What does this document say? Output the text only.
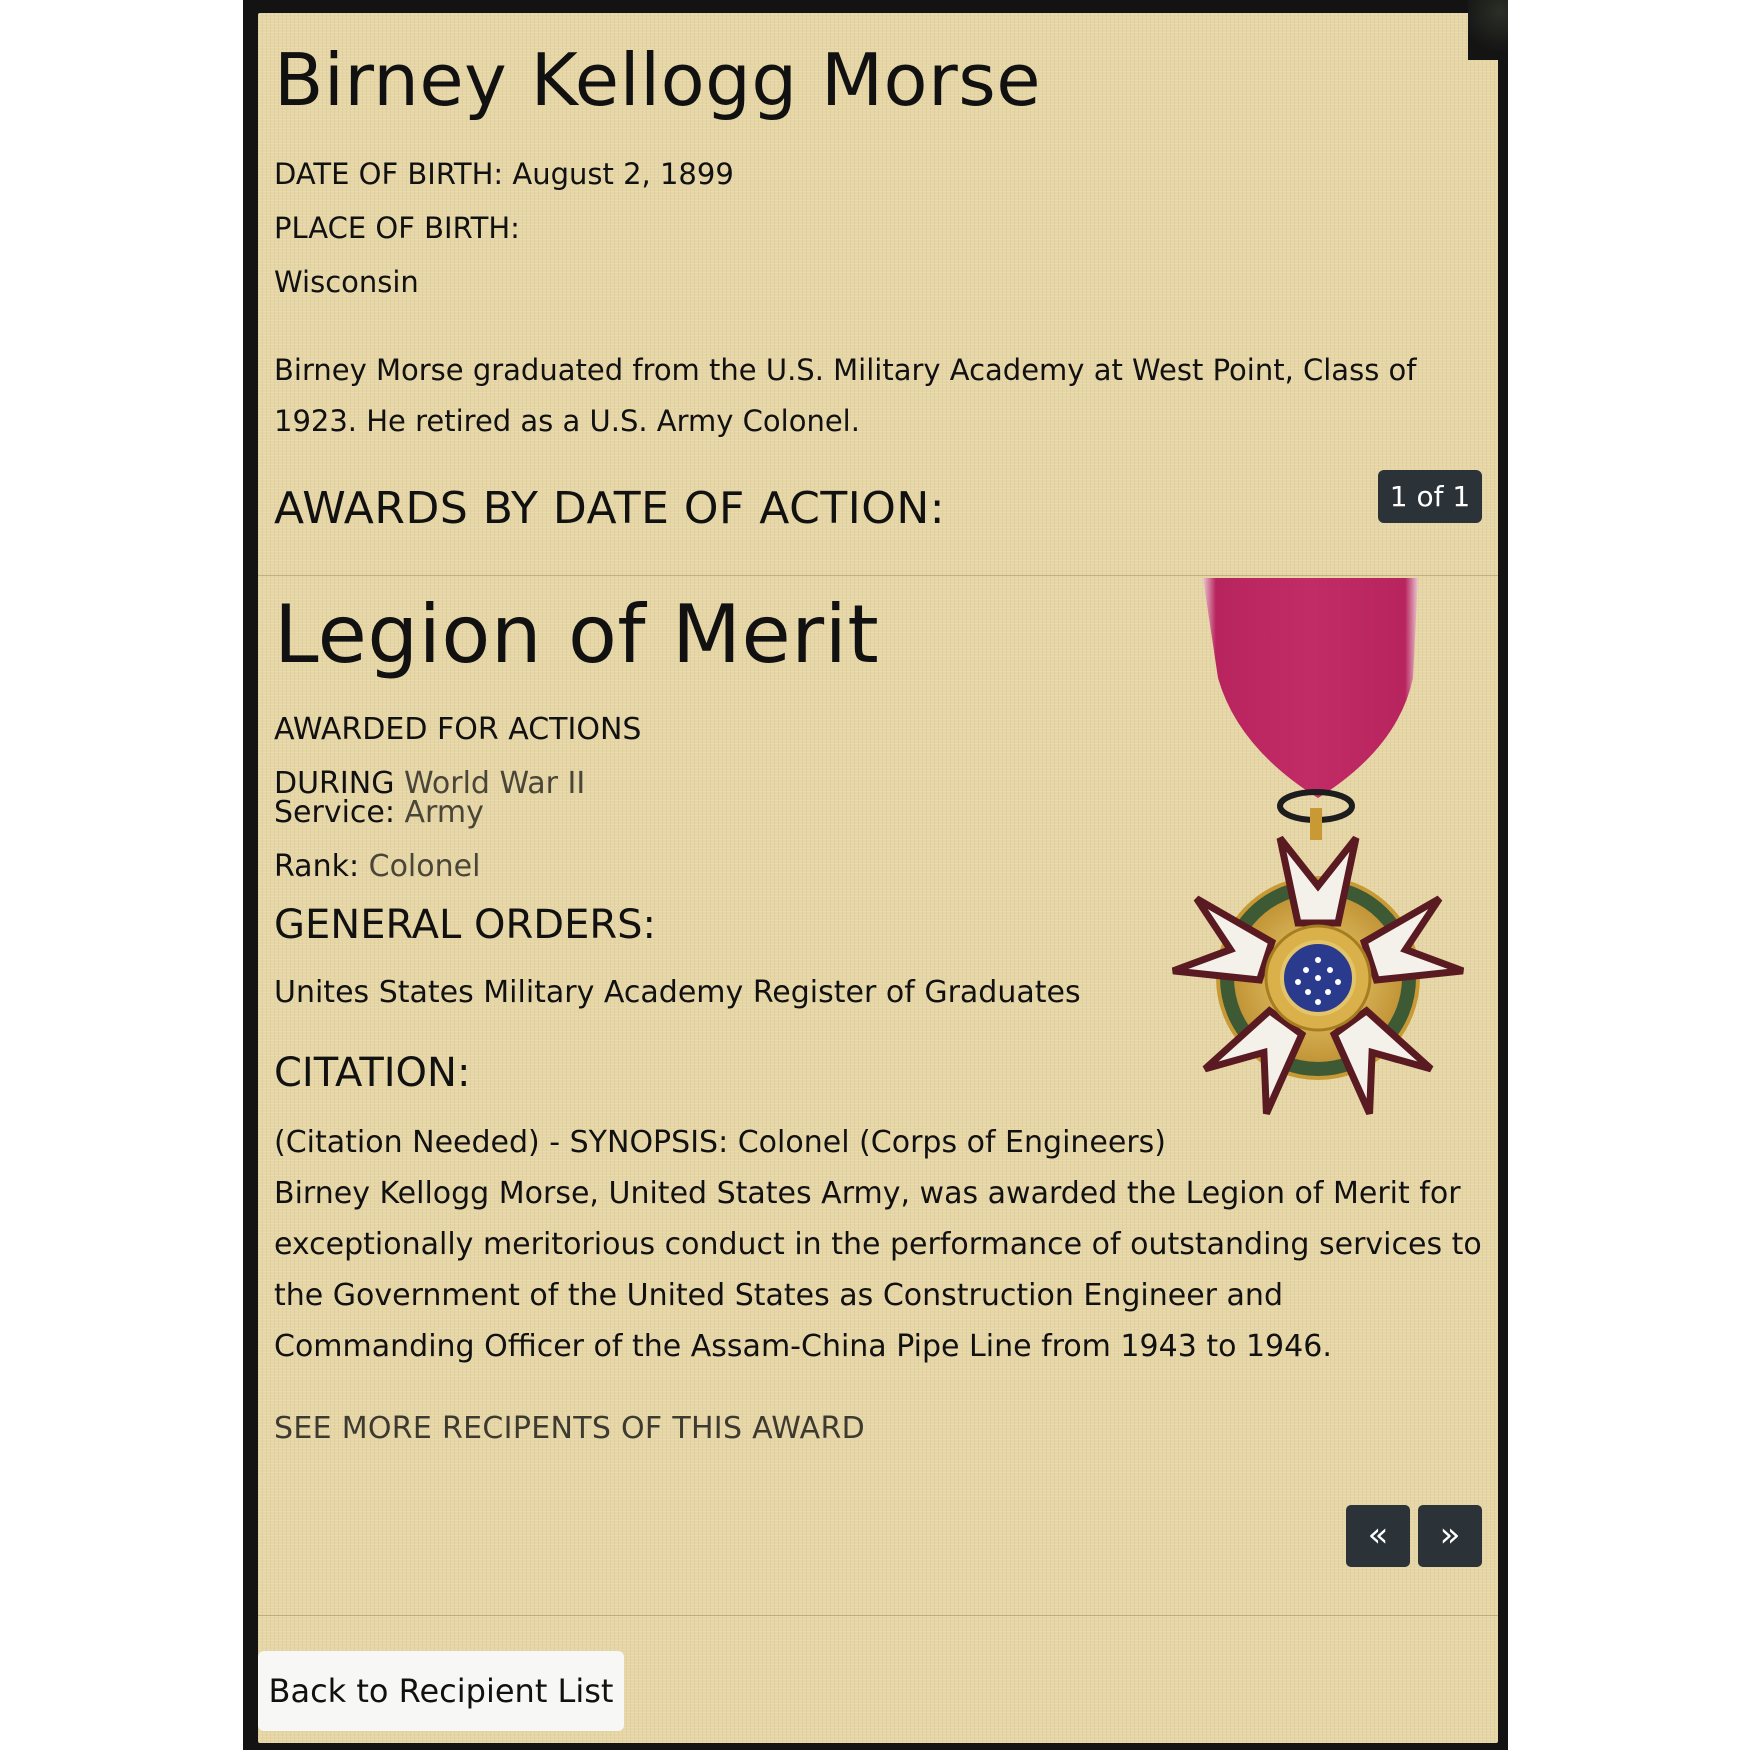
Birney Kellogg Morse
DATE OF BIRTH: August 2, 1899
PLACE OF BIRTH:
Wisconsin
Birney Morse graduated from the U.S. Military Academy at West Point, Class of 1923. He retired as a U.S. Army Colonel.
AWARDS BY DATE OF ACTION:	1 of 1
Legion of Merit
AWARDED FOR ACTIONS DURING World War II
Service: Army
Rank: Colonel
GENERAL ORDERS:
Unites States Military Academy Register of Graduates
CITATION:
(Citation Needed) - SYNOPSIS: Colonel (Corps of Engineers)
Birney Kellogg Morse, United States Army, was awarded the Legion of Merit for exceptionally meritorious conduct in the performance of outstanding services to the Government of the United States as Construction Engineer and Commanding Officer of the Assam-China Pipe Line from 1943 to 1946.
SEE MORE RECIPENTS OF THIS AWARD
«	»
Back to Recipient List
